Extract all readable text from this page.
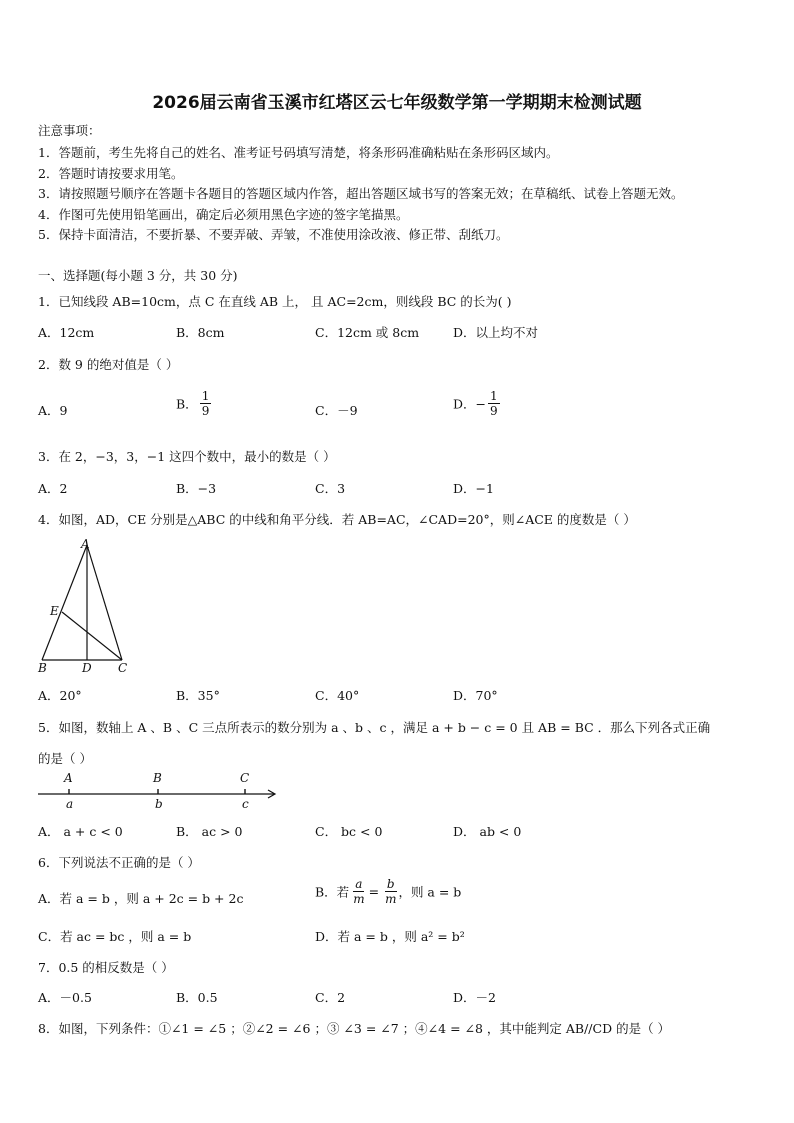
2026届云南省玉溪市红塔区云七年级数学第一学期期末检测试题
注意事项：
1．答题前，考生先将自己的姓名、准考证号码填写清楚，将条形码准确粘贴在条形码区域内。
2．答题时请按要求用笔。
3．请按照题号顺序在答题卡各题目的答题区域内作答，超出答题区域书写的答案无效；在草稿纸、试卷上答题无效。
4．作图可先使用铅笔画出，确定后必须用黑色字迹的签字笔描黑。
5．保持卡面清洁，不要折暴、不要弄破、弄皱，不准使用涂改液、修正带、刮纸刀。
一、选择题(每小题 3 分，共 30 分)
1．已知线段 AB=10cm，点 C 在直线 AB 上， 且 AC=2cm，则线段 BC 的长为( )
A．12cm	B．8cm	C．12cm 或 8cm	D．以上均不对
2．数 9 的绝对值是（ ）
A．9	B． $\frac{1}{9}$	C．－9	D．− $\frac{1}{9}$
3．在 2，−3，3，−1 这四个数中，最小的数是（ ）
A．2	B．−3	C．3	D．−1
4．如图，AD，CE 分别是△ABC 的中线和角平分线．若 AB=AC，∠CAD=20°，则∠ACE 的度数是（ ）
A
B	C
D
E
A．20°	B．35°	C．40°	D．70°
5．如图，数轴上 A 、B 、C 三点所表示的数分别为 a 、b 、c ，满足 a + b − c = 0 且 AB = BC ．那么下列各式正确
的是（ ）
A	B	C
a	b	c
A． a + c < 0	B． ac > 0	C． bc < 0	D． ab < 0
6．下列说法不正确的是（ ）
A．若 a = b ，则 a + 2c = b + 2c	B．若 $\frac{a}{m} = \frac{b}{m}$ ，则 a = b
C．若 ac = bc ，则 a = b	D．若 a = b ，则 a² = b²
7．0.5 的相反数是（ ）
A．－0.5	B．0.5	C．2	D．－2
8．如图，下列条件：①∠1 = ∠5 ；②∠2 = ∠6 ；③ ∠3 = ∠7 ；④∠4 = ∠8 ，其中能判定 AB//CD 的是（ ）
